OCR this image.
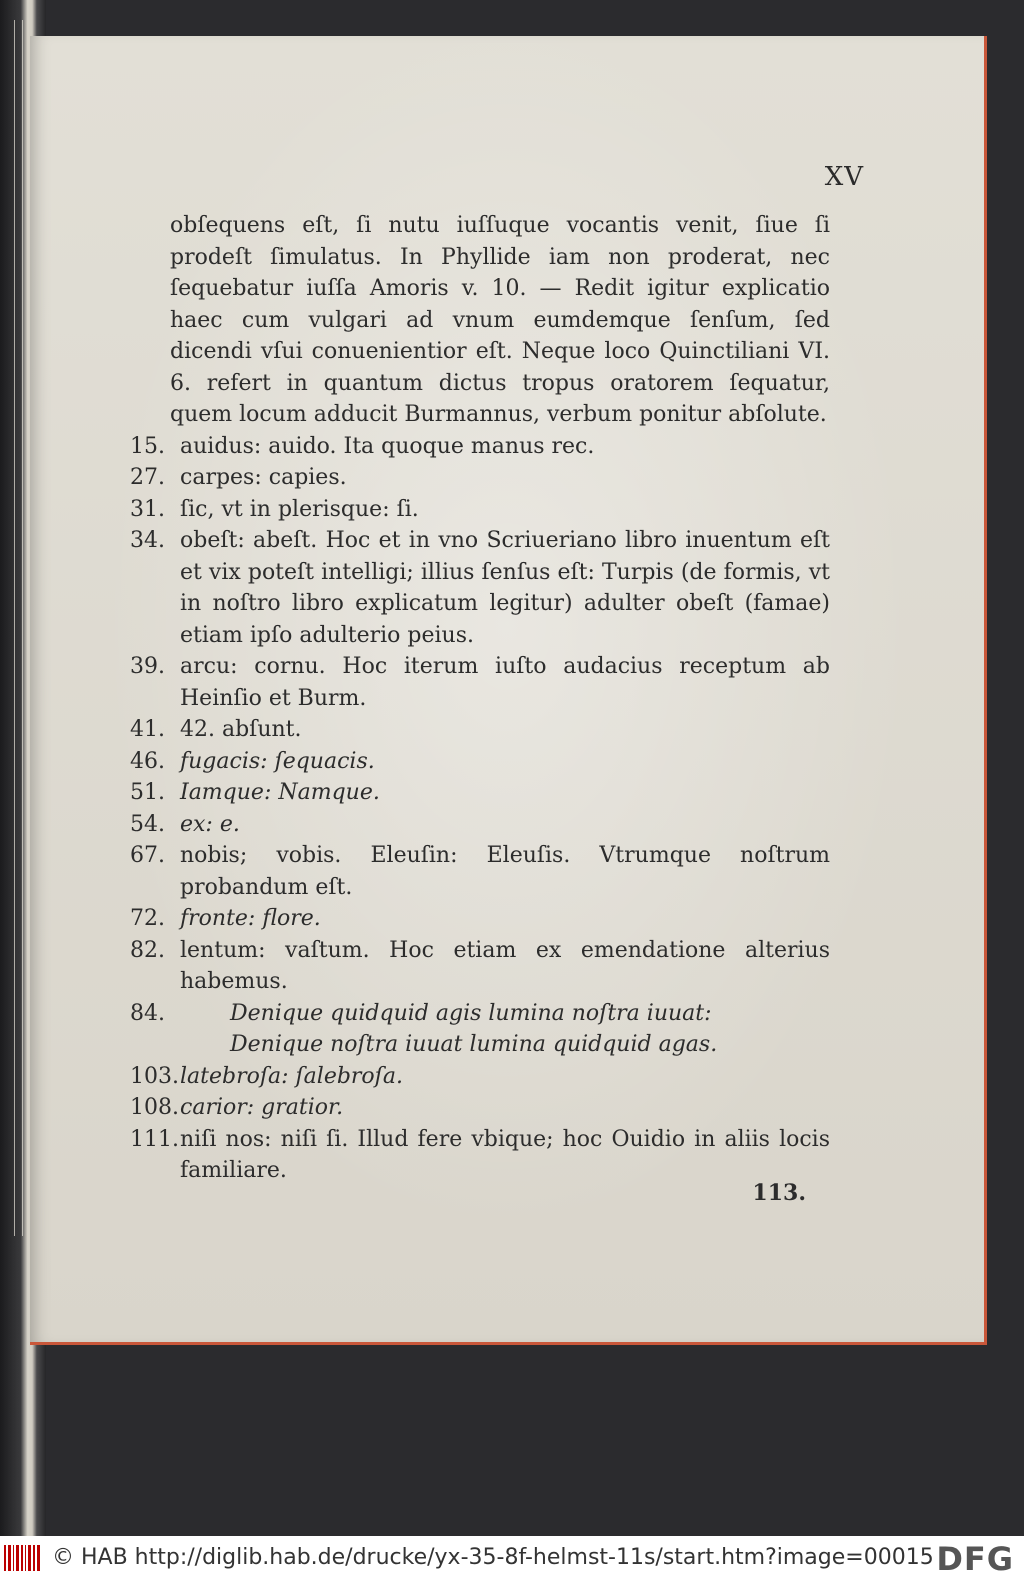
XV

obſequens eſt, ſi nutu iuſſuque vocantis venit, ſiue ſi prodeſt ſimulatus. In Phyllide iam non proderat, nec ſequebatur iuſſa Amoris v. 10. — Redit igitur explicatio haec cum vulgari ad vnum eumdemque ſenſum, ſed dicendi vſui conuenientior eſt. Neque loco Quinctiliani VI. 6. refert in quantum dictus tropus oratorem ſequatur, quem locum adducit Burmannus, verbum ponitur abſolute.

15. auidus: auido. Ita quoque manus rec.
27. carpes: capies.
31. ſic, vt in plerisque: ſi.
34. obeſt: abeſt. Hoc et in vno Scriueriano libro inuentum eſt et vix poteſt intelligi; illius ſenſus eſt: Turpis (de formis, vt in noſtro libro explicatum legitur) adulter obeſt (famae) etiam ipſo adulterio peius.
39. arcu: cornu. Hoc iterum iuſto audacius receptum ab Heinſio et Burm.
41. 42. abſunt.
46. fugacis: ſequacis.
51. Iamque: Namque.
54. ex: e.
67. nobis; vobis. Eleuſin: Eleuſis. Vtrumque noſtrum probandum eſt.
72. fronte: flore.
82. lentum: vaſtum. Hoc etiam ex emendatione alterius habemus.
84.	Denique quidquid agis lumina noſtra iuuat:
Denique noſtra iuuat lumina quidquid agas.
103. latebroſa: ſalebroſa.
108. carior: gratior.
111. niſi nos: niſi ſi. Illud fere vbique; hoc Ouidio in aliis locis familiare.
113.
© HAB http://diglib.hab.de/drucke/yx-35-8f-helmst-11s/start.htm?image=00015 DFG
